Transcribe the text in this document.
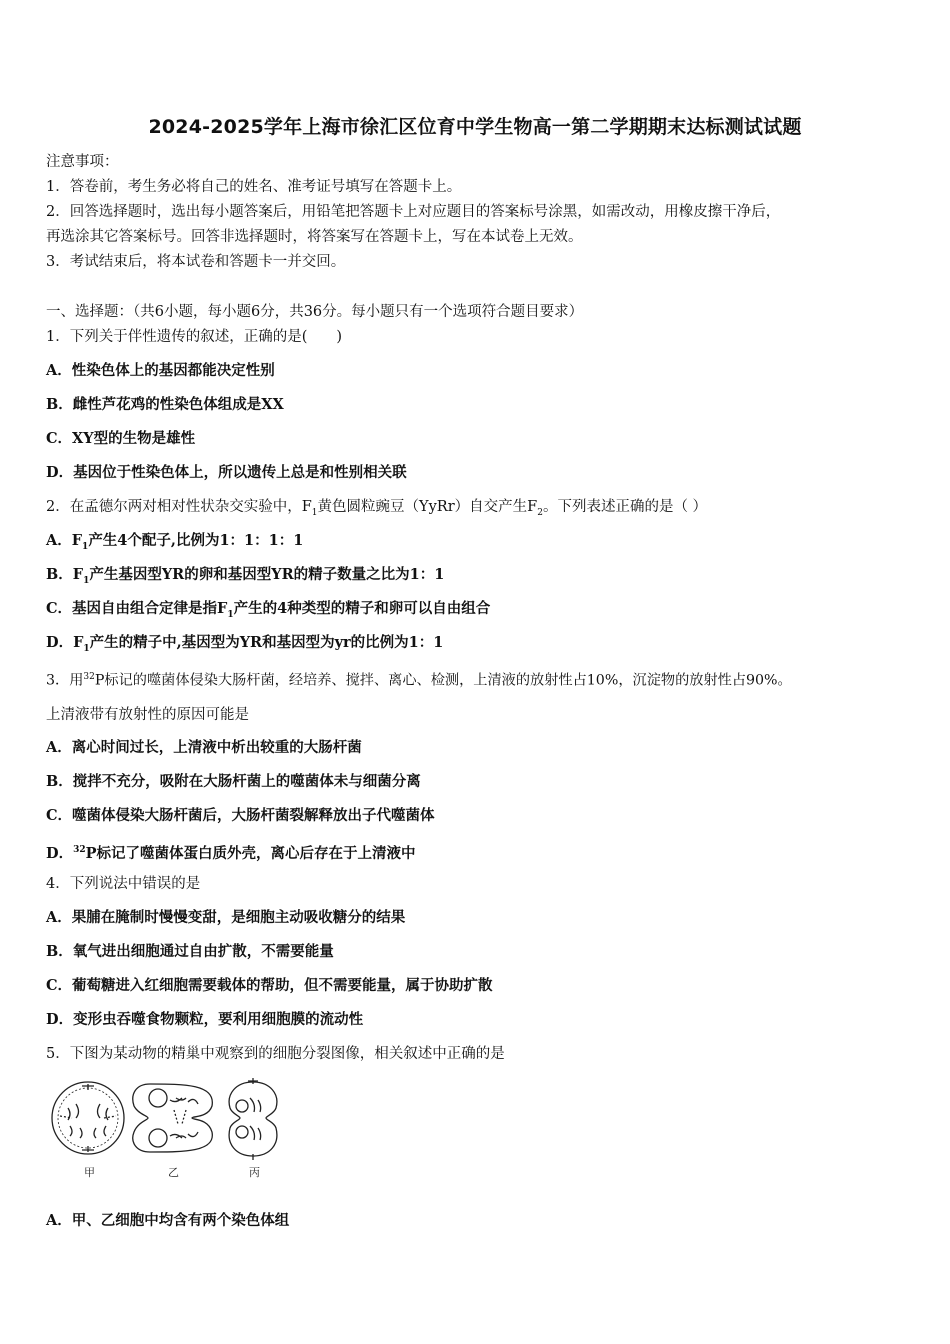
2024-2025学年上海市徐汇区位育中学生物高一第二学期期末达标测试试题
注意事项：
1．答卷前，考生务必将自己的姓名、准考证号填写在答题卡上。
2．回答选择题时，选出每小题答案后，用铅笔把答题卡上对应题目的答案标号涂黑，如需改动，用橡皮擦干净后，
再选涂其它答案标号。回答非选择题时，将答案写在答题卡上，写在本试卷上无效。
3．考试结束后，将本试卷和答题卡一并交回。
一、选择题：（共6小题，每小题6分，共36分。每小题只有一个选项符合题目要求）
1．下列关于伴性遗传的叙述，正确的是(　　)
A．性染色体上的基因都能决定性别
B．雌性芦花鸡的性染色体组成是XX
C．XY型的生物是雄性
D．基因位于性染色体上，所以遗传上总是和性别相关联
2．在孟德尔两对相对性状杂交实验中，$F_1$黄色圆粒豌豆（YyRr）自交产生$F_2$。下列表述正确的是（ ）
A．$F_1$产生4个配子,比例为1：1：1：1
B．$F_1$产生基因型YR的卵和基因型YR的精子数量之比为1：1
C．基因自由组合定律是指$F_1$产生的4种类型的精子和卵可以自由组合
D．$F_1$产生的精子中,基因型为YR和基因型为yr的比例为1：1
3．用$^{32}$P标记的噬菌体侵染大肠杆菌，经培养、搅拌、离心、检测，上清液的放射性占10%，沉淀物的放射性占90%。
上清液带有放射性的原因可能是
A．离心时间过长，上清液中析出较重的大肠杆菌
B．搅拌不充分，吸附在大肠杆菌上的噬菌体未与细菌分离
C．噬菌体侵染大肠杆菌后，大肠杆菌裂解释放出子代噬菌体
D．$^{32}$P标记了噬菌体蛋白质外壳，离心后存在于上清液中
4．下列说法中错误的是
A．果脯在腌制时慢慢变甜，是细胞主动吸收糖分的结果
B．氧气进出细胞通过自由扩散，不需要能量
C．葡萄糖进入红细胞需要载体的帮助，但不需要能量，属于协助扩散
D．变形虫吞噬食物颗粒，要利用细胞膜的流动性
5．下图为某动物的精巢中观察到的细胞分裂图像，相关叙述中正确的是
甲	乙	丙
A．甲、乙细胞中均含有两个染色体组
